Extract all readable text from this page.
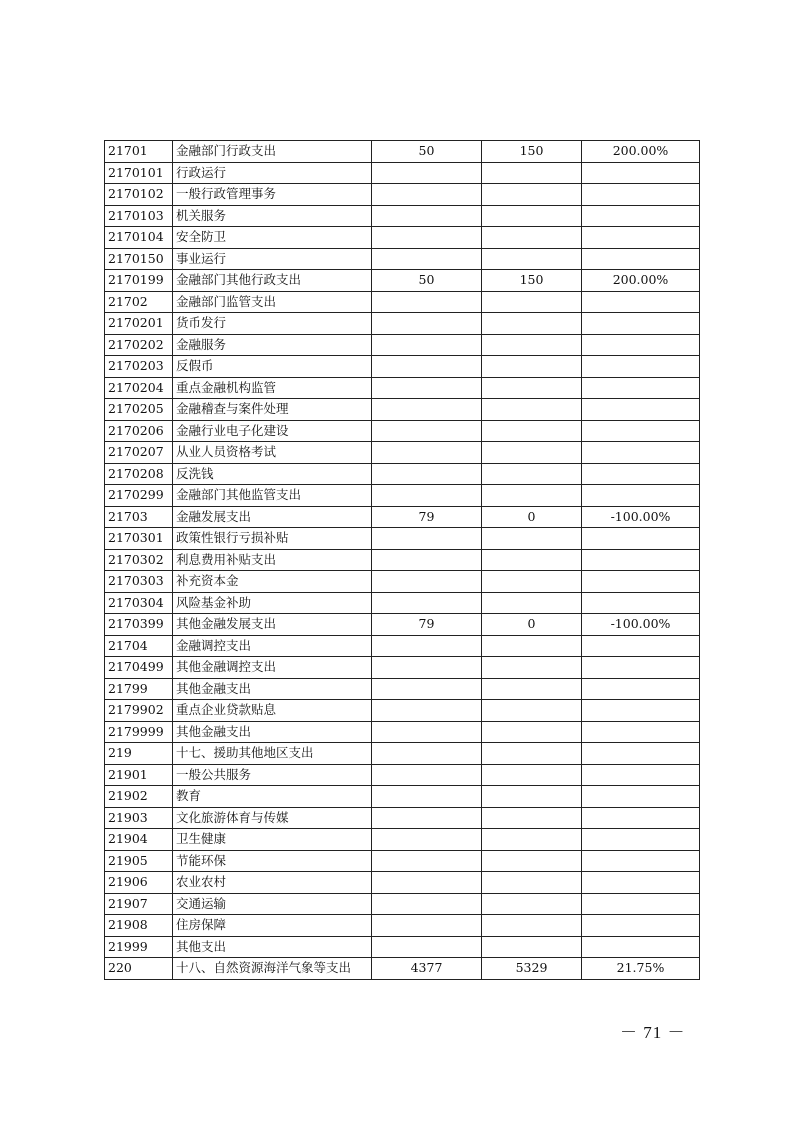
21701	金融部门行政支出	50	150	200.00%
2170101	行政运行			
2170102	一般行政管理事务			
2170103	机关服务			
2170104	安全防卫			
2170150	事业运行			
2170199	金融部门其他行政支出	50	150	200.00%
21702	金融部门监管支出			
2170201	货币发行			
2170202	金融服务			
2170203	反假币			
2170204	重点金融机构监管			
2170205	金融稽查与案件处理			
2170206	金融行业电子化建设			
2170207	从业人员资格考试			
2170208	反洗钱			
2170299	金融部门其他监管支出			
21703	金融发展支出	79	0	-100.00%
2170301	政策性银行亏损补贴			
2170302	利息费用补贴支出			
2170303	补充资本金			
2170304	风险基金补助			
2170399	其他金融发展支出	79	0	-100.00%
21704	金融调控支出			
2170499	其他金融调控支出			
21799	其他金融支出			
2179902	重点企业贷款贴息			
2179999	其他金融支出			
219	十七、援助其他地区支出			
21901	一般公共服务			
21902	教育			
21903	文化旅游体育与传媒			
21904	卫生健康			
21905	节能环保			
21906	农业农村			
21907	交通运输			
21908	住房保障			
21999	其他支出			
220	十八、自然资源海洋气象等支出	4377	5329	21.75%
－ 71 －
